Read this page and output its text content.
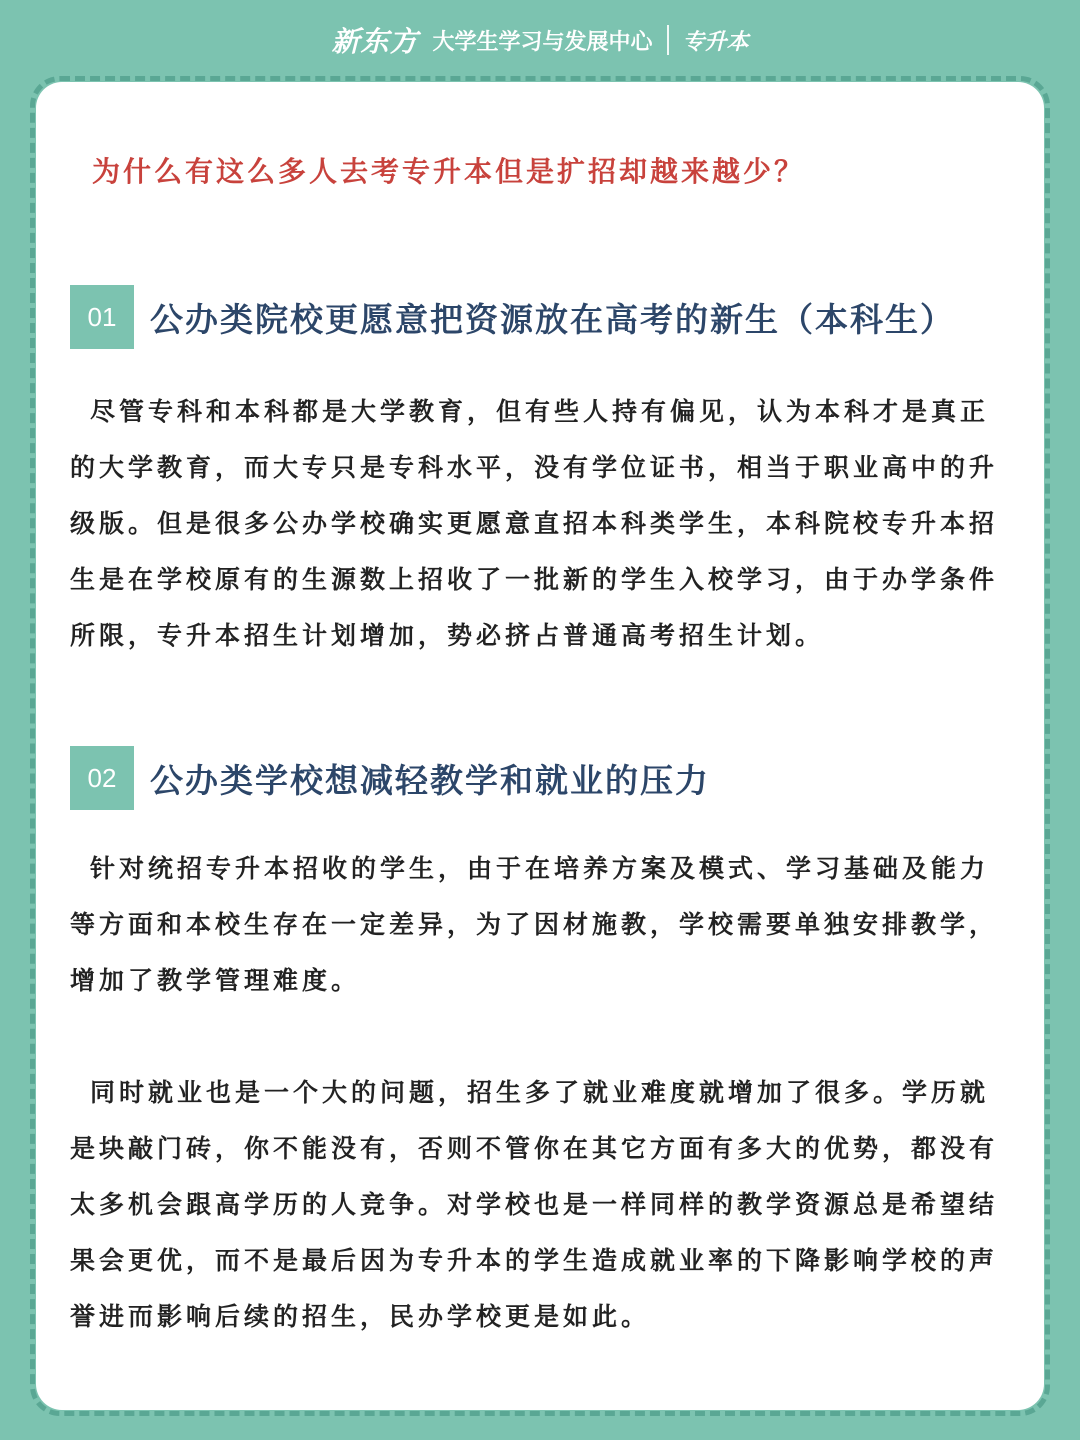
新东方 大学生学习与发展中心 专升本
为什么有这么多人去考专升本但是扩招却越来越少？
01	公办类院校更愿意把资源放在高考的新生（本科生）

尽管专科和本科都是大学教育，但有些人持有偏见，认为本科才是真正的大学教育，而大专只是专科水平，没有学位证书，相当于职业高中的升级版。但是很多公办学校确实更愿意直招本科类学生，本科院校专升本招生是在学校原有的生源数上招收了一批新的学生入校学习，由于办学条件所限，专升本招生计划增加，势必挤占普通高考招生计划。

02	公办类学校想减轻教学和就业的压力

针对统招专升本招收的学生，由于在培养方案及模式、学习基础及能力等方面和本校生存在一定差异，为了因材施教，学校需要单独安排教学，增加了教学管理难度。

同时就业也是一个大的问题，招生多了就业难度就增加了很多。学历就是块敲门砖，你不能没有，否则不管你在其它方面有多大的优势，都没有太多机会跟高学历的人竞争。对学校也是一样同样的教学资源总是希望结果会更优，而不是最后因为专升本的学生造成就业率的下降影响学校的声誉进而影响后续的招生，民办学校更是如此。
